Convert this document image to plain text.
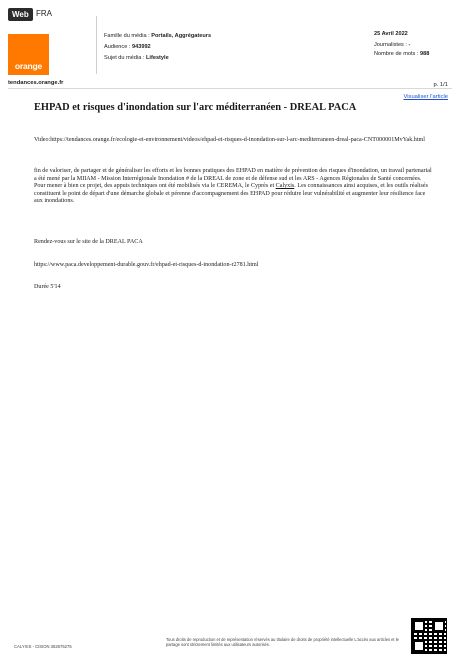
Web FRA
orange
Famille du média : Portails, Aggrégateurs
Audience : 943992
Sujet du média : Lifestyle
25 Avril 2022
Journalistes : -
Nombre de mots : 988
tendances.orange.fr	p. 1/1
Visualiser l'article
EHPAD et risques d'inondation sur l'arc méditerranéen - DREAL PACA

Video:https://tendances.orange.fr/ecologie-et-environnement/videos/ehpad-et-risques-d-inondation-sur-l-arc-mediterraneen-dreal-paca-CNT000001MvYak.html

fin de valoriser, de partager et de généraliser les efforts et les bonnes pratiques des EHPAD en matière de prévention des risques d'inondation, un travail partenarial a été mené par la MIIAM - Mission Interrégionale Inondation # de la DREAL de zone et de défense sud et les ARS - Agences Régionales de Santé concernées. Pour mener à bien ce projet, des appuis techniques ont été mobilisés via le CEREMA, le Cyprès et Calyxis. Les connaissances ainsi acquises, et les outils réalisés constituent le point de départ d'une démarche globale et pérenne d'accompagnement des EHPAD pour réduire leur vulnérabilité et augmenter leur résilience face aux inondations.

Rendez-vous sur le site de la DREAL PACA

https://www.paca.developpement-durable.gouv.fr/ehpad-et-risques-d-inondation-r2781.html

Durée 5'14

CALYXIS - CISION 362675275
Tous droits de reproduction et de représentation réservés au titulaire de droits de propriété intellectuelle L'accès aux articles et le partage sont strictement limités aux utilisateurs autorisés.
